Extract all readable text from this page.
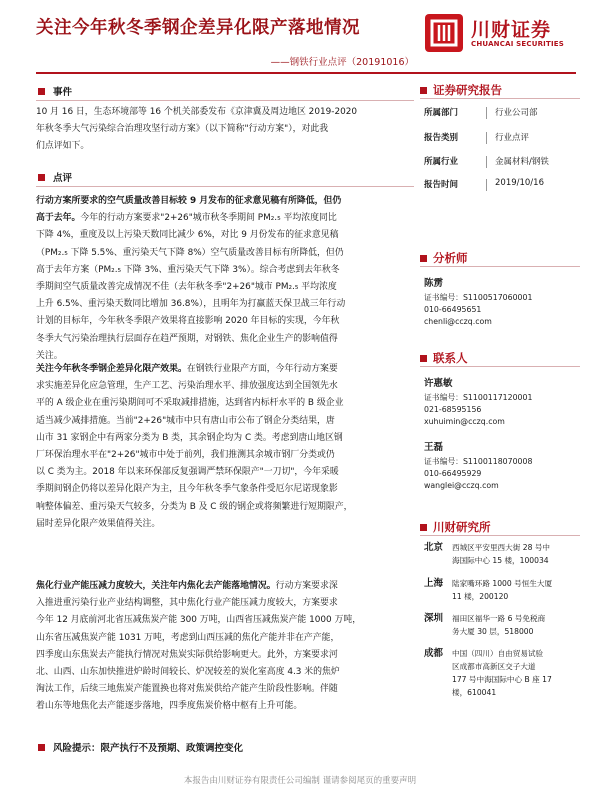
关注今年秋冬季钢企差异化限产落地情况
——钢铁行业点评（20191016）
川财证券
CHUANCAI SECURITIES
事件
10 月 16 日，生态环境部等 16 个机关部委发布《京津冀及周边地区 2019-2020
年秋冬季大气污染综合治理攻坚行动方案》（以下简称"行动方案"），对此我
们点评如下。
点评
行动方案所要求的空气质量改善目标较 9 月发布的征求意见稿有所降低，但仍
高于去年。今年的行动方案要求"2+26"城市秋冬季期间 PM₂.₅ 平均浓度同比
下降 4%，重度及以上污染天数同比减少 6%，对比 9 月份发布的征求意见稿
（PM₂.₅ 下降 5.5%、重污染天气下降 8%）空气质量改善目标有所降低，但仍
高于去年方案（PM₂.₅ 下降 3%、重污染天气下降 3%）。综合考虑到去年秋冬
季期间空气质量改善完成情况不佳（去年秋冬季"2+26"城市 PM₂.₅ 平均浓度
上升 6.5%、重污染天数同比增加 36.8%），且明年为打赢蓝天保卫战三年行动
计划的目标年，今年秋冬季限产效果将直接影响 2020 年目标的实现，今年秋
冬季大气污染治理执行层面存在趋严预期，对钢铁、焦化企业生产的影响值得
关注。
关注今年秋冬季钢企差异化限产效果。在钢铁行业限产方面，今年行动方案要
求实施差异化应急管理，生产工艺、污染治理水平、排放强度达到全国领先水
平的 A 级企业在重污染期间可不采取减排措施，达到省内标杆水平的 B 级企业
适当减少减排措施。当前"2+26"城市中只有唐山市公布了钢企分类结果，唐
山市 31 家钢企中有两家分类为 B 类，其余钢企均为 C 类。考虑到唐山地区钢
厂环保治理水平在"2+26"城市中处于前列，我们推测其余城市钢厂分类或仍
以 C 类为主。2018 年以来环保部反复强调严禁环保限产"一刀切"，今年采暖
季期间钢企仍将以差异化限产为主，且今年秋冬季气象条件受厄尔尼诺现象影
响整体偏差、重污染天气较多，分类为 B 及 C 级的钢企或将频繁进行短期限产，
届时差异化限产效果值得关注。
焦化行业产能压减力度较大，关注年内焦化去产能落地情况。行动方案要求深
入推进重污染行业产业结构调整，其中焦化行业产能压减力度较大，方案要求
今年 12 月底前河北省压减焦炭产能 300 万吨，山西省压减焦炭产能 1000 万吨，
山东省压减焦炭产能 1031 万吨，考虑到山西压减的焦化产能并非在产产能，
四季度山东焦炭去产能执行情况对焦炭实际供给影响更大。此外，方案要求河
北、山西、山东加快推进炉龄时间较长、炉况较差的炭化室高度 4.3 米的焦炉
淘汰工作，后续三地焦炭产能置换也将对焦炭供给产能产生阶段性影响。伴随
着山东等地焦化去产能逐步落地，四季度焦炭价格中枢有上升可能。
风险提示： 限产执行不及预期、政策调控变化
证券研究报告
所属部门	行业公司部
报告类别	行业点评
所属行业	金属材料/钢铁
报告时间	2019/10/16
分析师
陈雳
证书编号：S1100517060001
010-66495651
chenli@cczq.com
联系人
许惠敏
证书编号：S1100117120001
021-68595156
xuhuimin@cczq.com
王磊
证书编号：S1100118070008
010-66495929
wanglei@cczq.com
川财研究所
北京	西城区平安里西大街 28 号中
海国际中心 15 楼，100034
上海	陆家嘴环路 1000 号恒生大厦
11 楼，200120
深圳	福田区福华一路 6 号免税商
务大厦 30 层，518000
成都	中国（四川）自由贸易试验
区成都市高新区交子大道
177 号中海国际中心 B 座 17
楼，610041
本报告由川财证券有限责任公司编制 谨请参阅尾页的重要声明
